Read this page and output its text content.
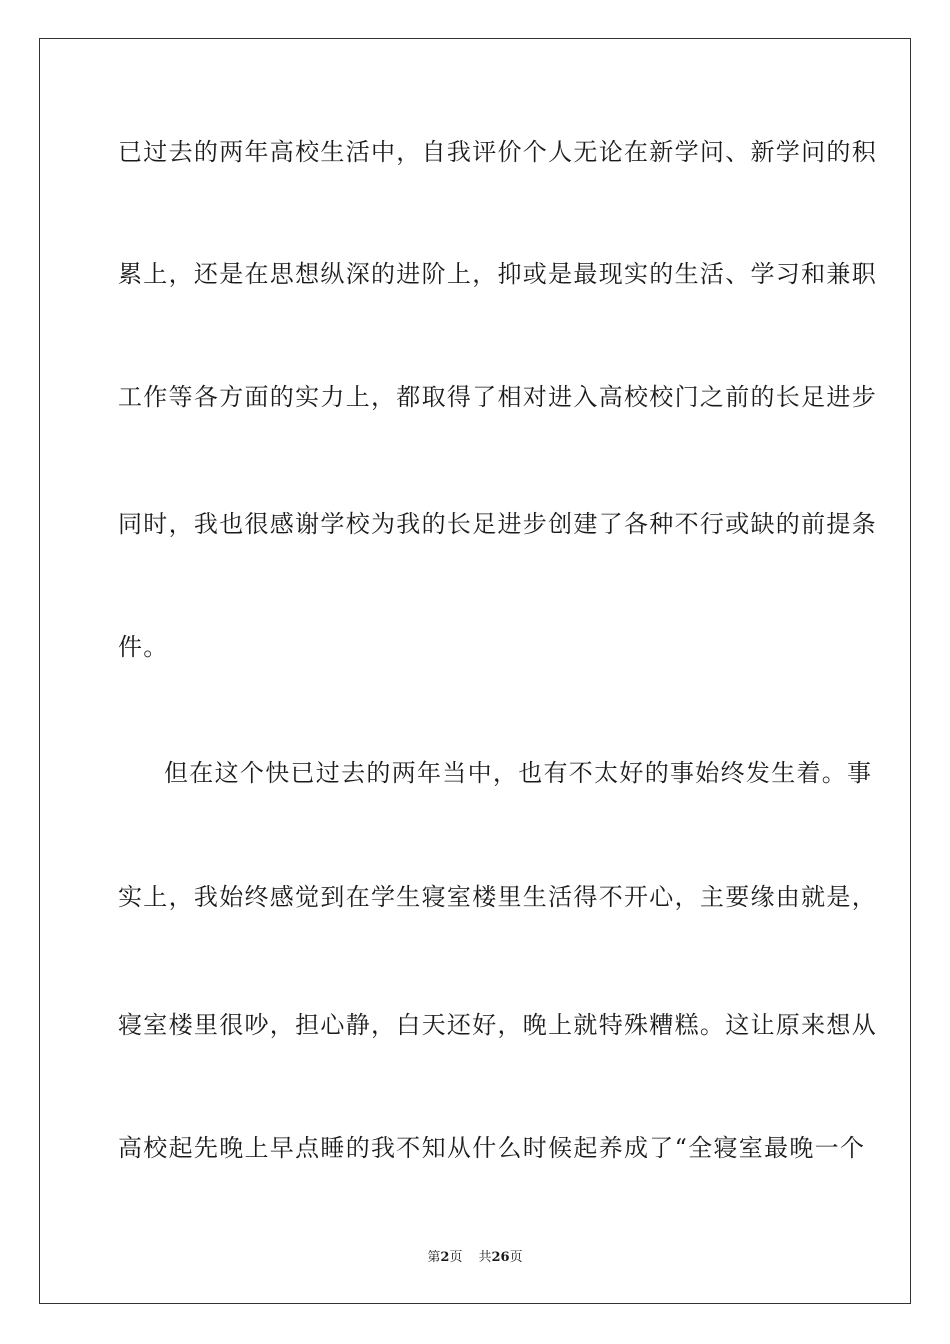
已过去的两年高校生活中，自我评价个人无论在新学问、新学问的积
累上，还是在思想纵深的进阶上，抑或是最现实的生活、学习和兼职
工作等各方面的实力上，都取得了相对进入高校校门之前的长足进步
同时，我也很感谢学校为我的长足进步创建了各种不行或缺的前提条
件。
但在这个快已过去的两年当中，也有不太好的事始终发生着。事
实上，我始终感觉到在学生寝室楼里生活得不开心，主要缘由就是，
寝室楼里很吵，担心静，白天还好，晚上就特殊糟糕。这让原来想从
高校起先晚上早点睡的我不知从什么时候起养成了“全寝室最晚一个
第2页 共26页
